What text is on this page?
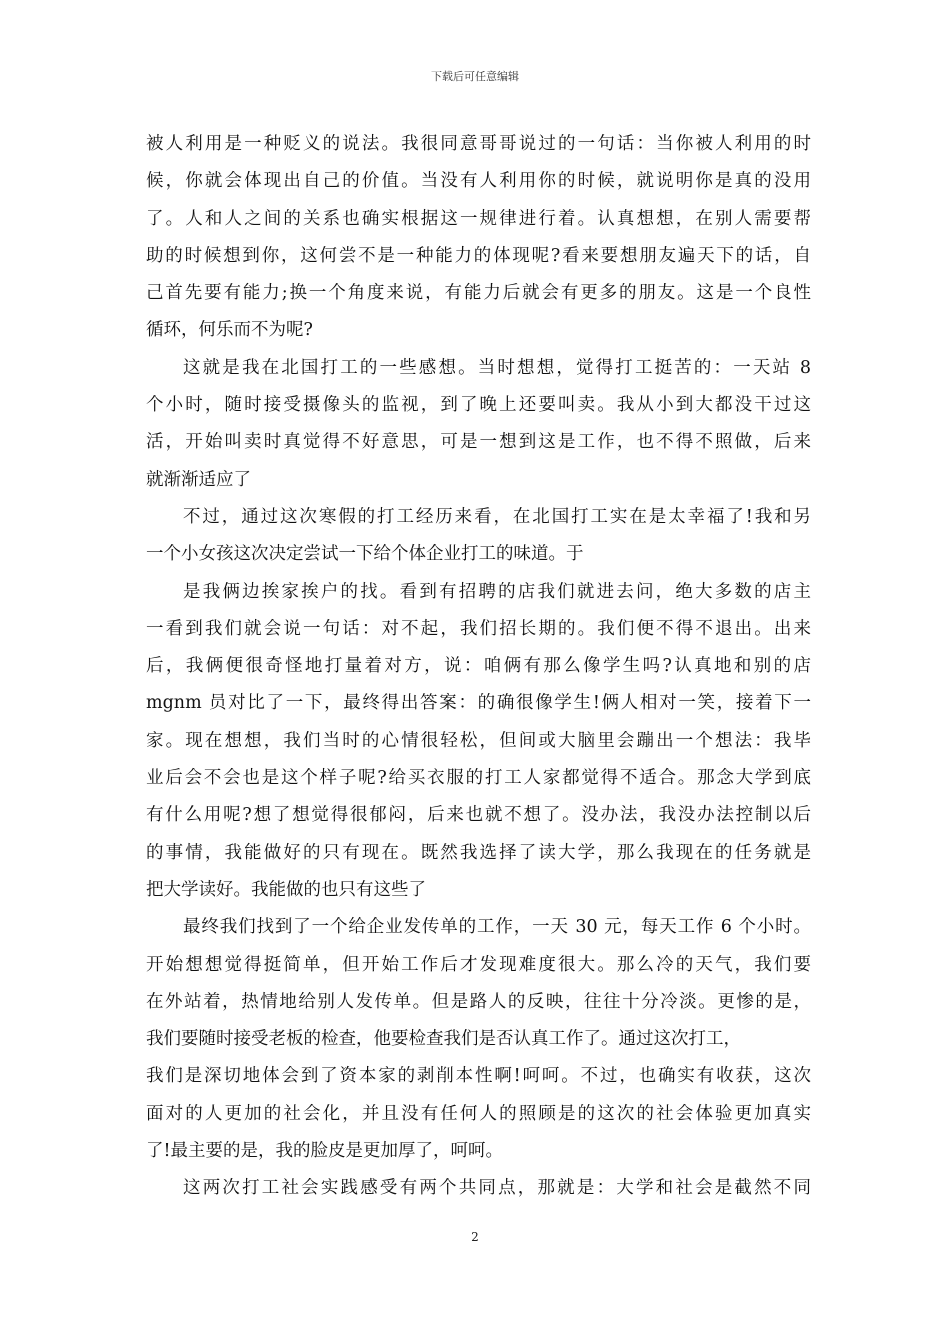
下载后可任意编辑
被人利用是一种贬义的说法。我很同意哥哥说过的一句话：当你被人利用的时
候，你就会体现出自己的价值。当没有人利用你的时候，就说明你是真的没用
了。人和人之间的关系也确实根据这一规律进行着。认真想想，在别人需要帮
助的时候想到你，这何尝不是一种能力的体现呢?看来要想朋友遍天下的话，自
己首先要有能力;换一个角度来说，有能力后就会有更多的朋友。这是一个良性
循环，何乐而不为呢?
这就是我在北国打工的一些感想。当时想想，觉得打工挺苦的：一天站 8
个小时，随时接受摄像头的监视，到了晚上还要叫卖。我从小到大都没干过这
活，开始叫卖时真觉得不好意思，可是一想到这是工作，也不得不照做，后来
就渐渐适应了
不过，通过这次寒假的打工经历来看，在北国打工实在是太幸福了!我和另
一个小女孩这次决定尝试一下给个体企业打工的味道。于
是我俩边挨家挨户的找。看到有招聘的店我们就进去问，绝大多数的店主
一看到我们就会说一句话：对不起，我们招长期的。我们便不得不退出。出来
后，我俩便很奇怪地打量着对方，说：咱俩有那么像学生吗?认真地和别的店
mgnm 员对比了一下，最终得出答案：的确很像学生!俩人相对一笑，接着下一
家。现在想想，我们当时的心情很轻松，但间或大脑里会蹦出一个想法：我毕
业后会不会也是这个样子呢?给买衣服的打工人家都觉得不适合。那念大学到底
有什么用呢?想了想觉得很郁闷，后来也就不想了。没办法，我没办法控制以后
的事情，我能做好的只有现在。既然我选择了读大学，那么我现在的任务就是
把大学读好。我能做的也只有这些了
最终我们找到了一个给企业发传单的工作，一天 30 元，每天工作 6 个小时。
开始想想觉得挺简单，但开始工作后才发现难度很大。那么冷的天气，我们要
在外站着，热情地给别人发传单。但是路人的反映，往往十分冷淡。更惨的是，
我们要随时接受老板的检查，他要检查我们是否认真工作了。通过这次打工，
我们是深切地体会到了资本家的剥削本性啊!呵呵。不过，也确实有收获，这次
面对的人更加的社会化，并且没有任何人的照顾是的这次的社会体验更加真实
了!最主要的是，我的脸皮是更加厚了，呵呵。
这两次打工社会实践感受有两个共同点，那就是：大学和社会是截然不同
2
